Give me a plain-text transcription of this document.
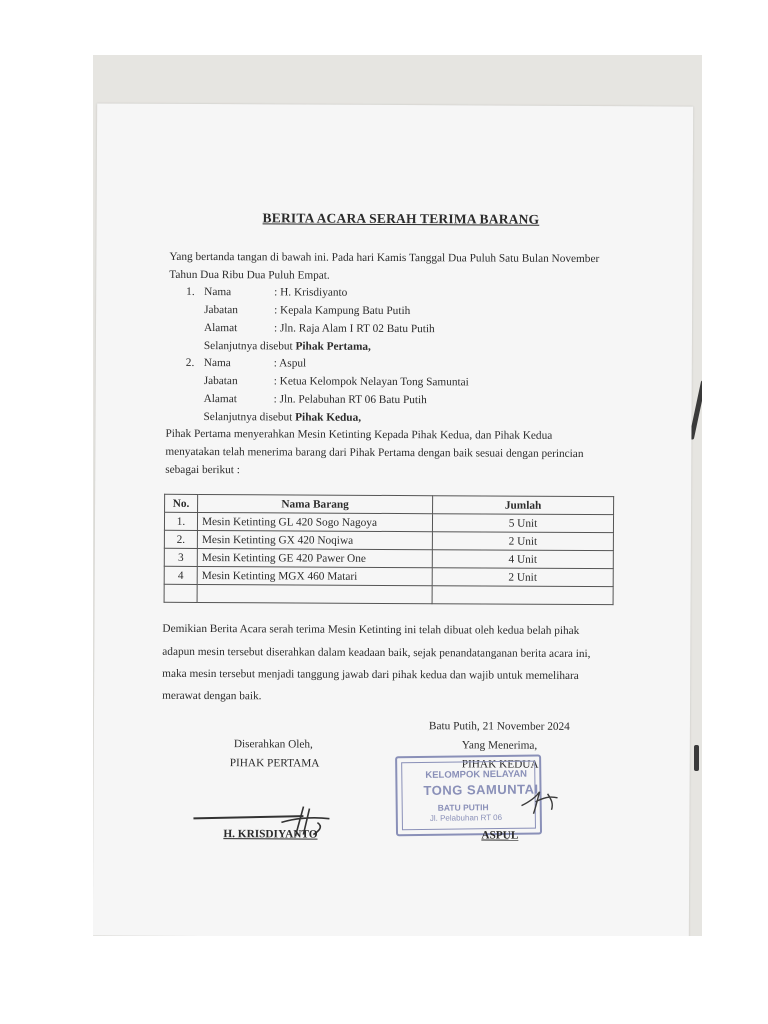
BERITA ACARA SERAH TERIMA BARANG
Yang bertanda tangan di bawah ini. Pada hari Kamis Tanggal Dua Puluh Satu Bulan November
Tahun Dua Ribu Dua Puluh Empat.
1. Nama	: H. Krisdiyanto
Jabatan	: Kepala Kampung Batu Putih
Alamat	: Jln. Raja Alam I RT 02 Batu Putih
Selanjutnya disebut Pihak Pertama,
2. Nama	: Aspul
Jabatan	: Ketua Kelompok Nelayan Tong Samuntai
Alamat	: Jln. Pelabuhan RT 06 Batu Putih
Selanjutnya disebut Pihak Kedua,
Pihak Pertama menyerahkan Mesin Ketinting Kepada Pihak Kedua, dan Pihak Kedua
menyatakan telah menerima barang dari Pihak Pertama dengan baik sesuai dengan perincian
sebagai berikut :
No.	Nama Barang	Jumlah
1.	Mesin Ketinting GL 420 Sogo Nagoya	5 Unit
2.	Mesin Ketinting GX 420 Noqiwa	2 Unit
3	Mesin Ketinting GE 420 Pawer One	4 Unit
4	Mesin Ketinting MGX 460 Matari	2 Unit

Demikian Berita Acara serah terima Mesin Ketinting ini telah dibuat oleh kedua belah pihak
adapun mesin tersebut diserahkan dalam keadaan baik, sejak penandatanganan berita acara ini,
maka mesin tersebut menjadi tanggung jawab dari pihak kedua dan wajib untuk memelihara
merawat dengan baik.
Batu Putih, 21 November 2024
Diserahkan Oleh,
PIHAK PERTAMA
Yang Menerima,
PIHAK KEDUA
KELOMPOK NELAYAN
TONG SAMUNTAI
BATU PUTIH
Jl. Pelabuhan RT 06
H. KRISDIYANTO	ASPUL
